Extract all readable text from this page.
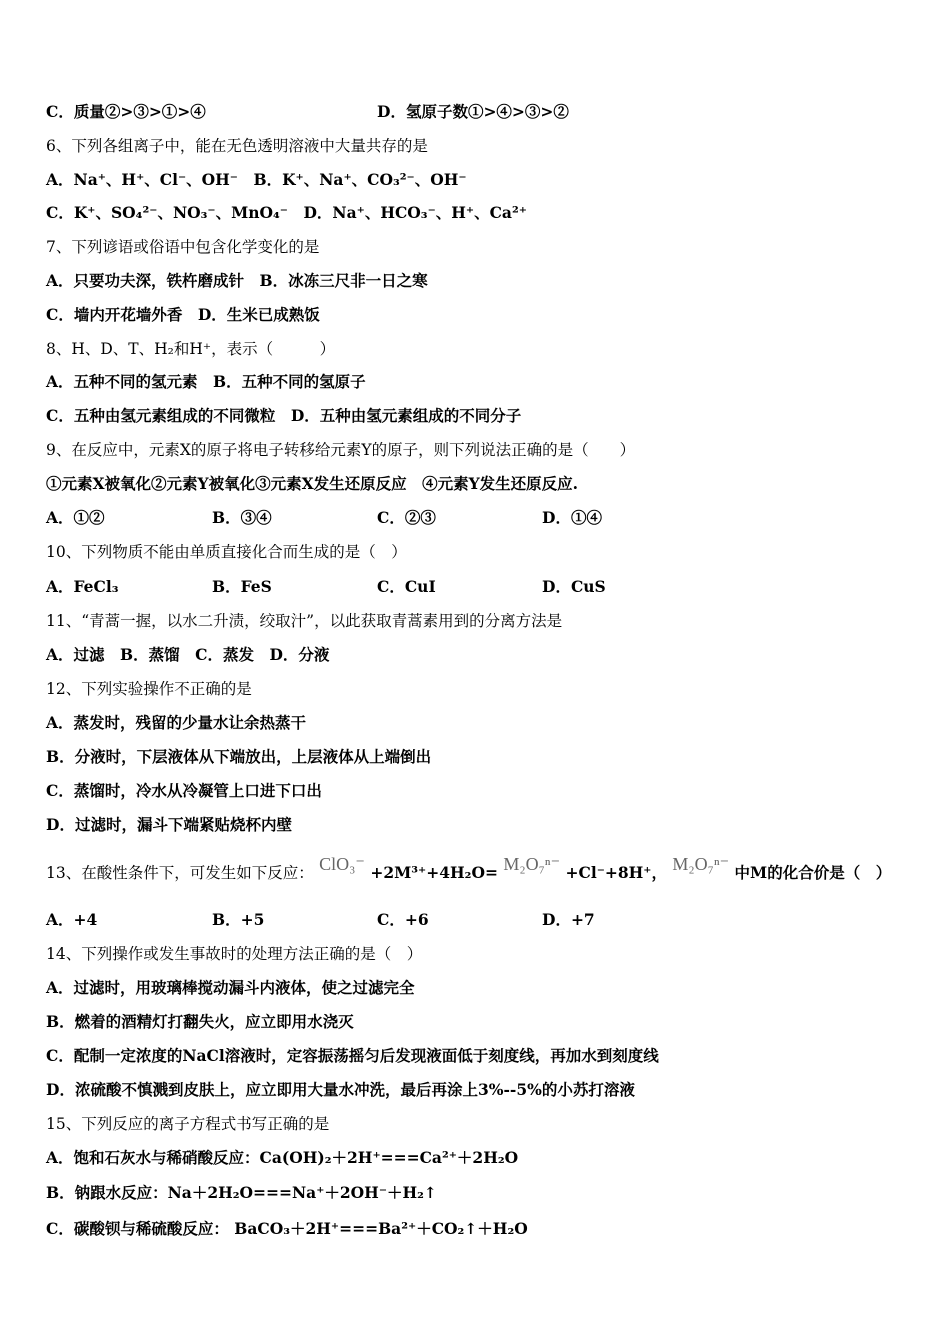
C．质量②>③>①>④	D．氢原子数①>④>③>②
6、下列各组离子中，能在无色透明溶液中大量共存的是
A．Na⁺、H⁺、Cl⁻、OH⁻　B．K⁺、Na⁺、CO₃²⁻、OH⁻
C．K⁺、SO₄²⁻、NO₃⁻、MnO₄⁻　D．Na⁺、HCO₃⁻、H⁺、Ca²⁺
7、下列谚语或俗语中包含化学变化的是
A．只要功夫深，铁杵磨成针　B．冰冻三尺非一日之寒
C．墙内开花墙外香　D．生米已成熟饭
8、H、D、T、H₂和H⁺，表示（　　　）
A．五种不同的氢元素　B．五种不同的氢原子
C．五种由氢元素组成的不同微粒　D．五种由氢元素组成的不同分子
9、在反应中，元素X的原子将电子转移给元素Y的原子，则下列说法正确的是（　　）
①元素X被氧化②元素Y被氧化③元素X发生还原反应　④元素Y发生还原反应.
A．①②	B．③④	C．②③	D．①④
10、下列物质不能由单质直接化合而生成的是（　）
A．FeCl₃	B．FeS	C．CuI	D．CuS
11、“青蒿一握，以水二升渍，绞取汁”，以此获取青蒿素用到的分离方法是
A．过滤　B．蒸馏　C．蒸发　D．分液
12、下列实验操作不正确的是
A．蒸发时，残留的少量水让余热蒸干
B．分液时，下层液体从下端放出，上层液体从上端倒出
C．蒸馏时，冷水从冷凝管上口进下口出
D．过滤时，漏斗下端紧贴烧杯内壁
13、在酸性条件下，可发生如下反应： ClO₃⁻ +2M³⁺+4H₂O= M₂O₇ⁿ⁻ +Cl⁻+8H⁺， M₂O₇ⁿ⁻ 中M的化合价是（　）
A．+4	B．+5	C．+6	D．+7
14、下列操作或发生事故时的处理方法正确的是（　）
A．过滤时，用玻璃棒搅动漏斗内液体，使之过滤完全
B．燃着的酒精灯打翻失火，应立即用水浇灭
C．配制一定浓度的NaCl溶液时，定容振荡摇匀后发现液面低于刻度线，再加水到刻度线
D．浓硫酸不慎溅到皮肤上，应立即用大量水冲洗，最后再涂上3%--5%的小苏打溶液
15、下列反应的离子方程式书写正确的是
A．饱和石灰水与稀硝酸反应：Ca(OH)₂＋2H⁺===Ca²⁺＋2H₂O
B．钠跟水反应：Na＋2H₂O===Na⁺＋2OH⁻＋H₂↑
C．碳酸钡与稀硫酸反应： BaCO₃＋2H⁺===Ba²⁺＋CO₂↑＋H₂O
